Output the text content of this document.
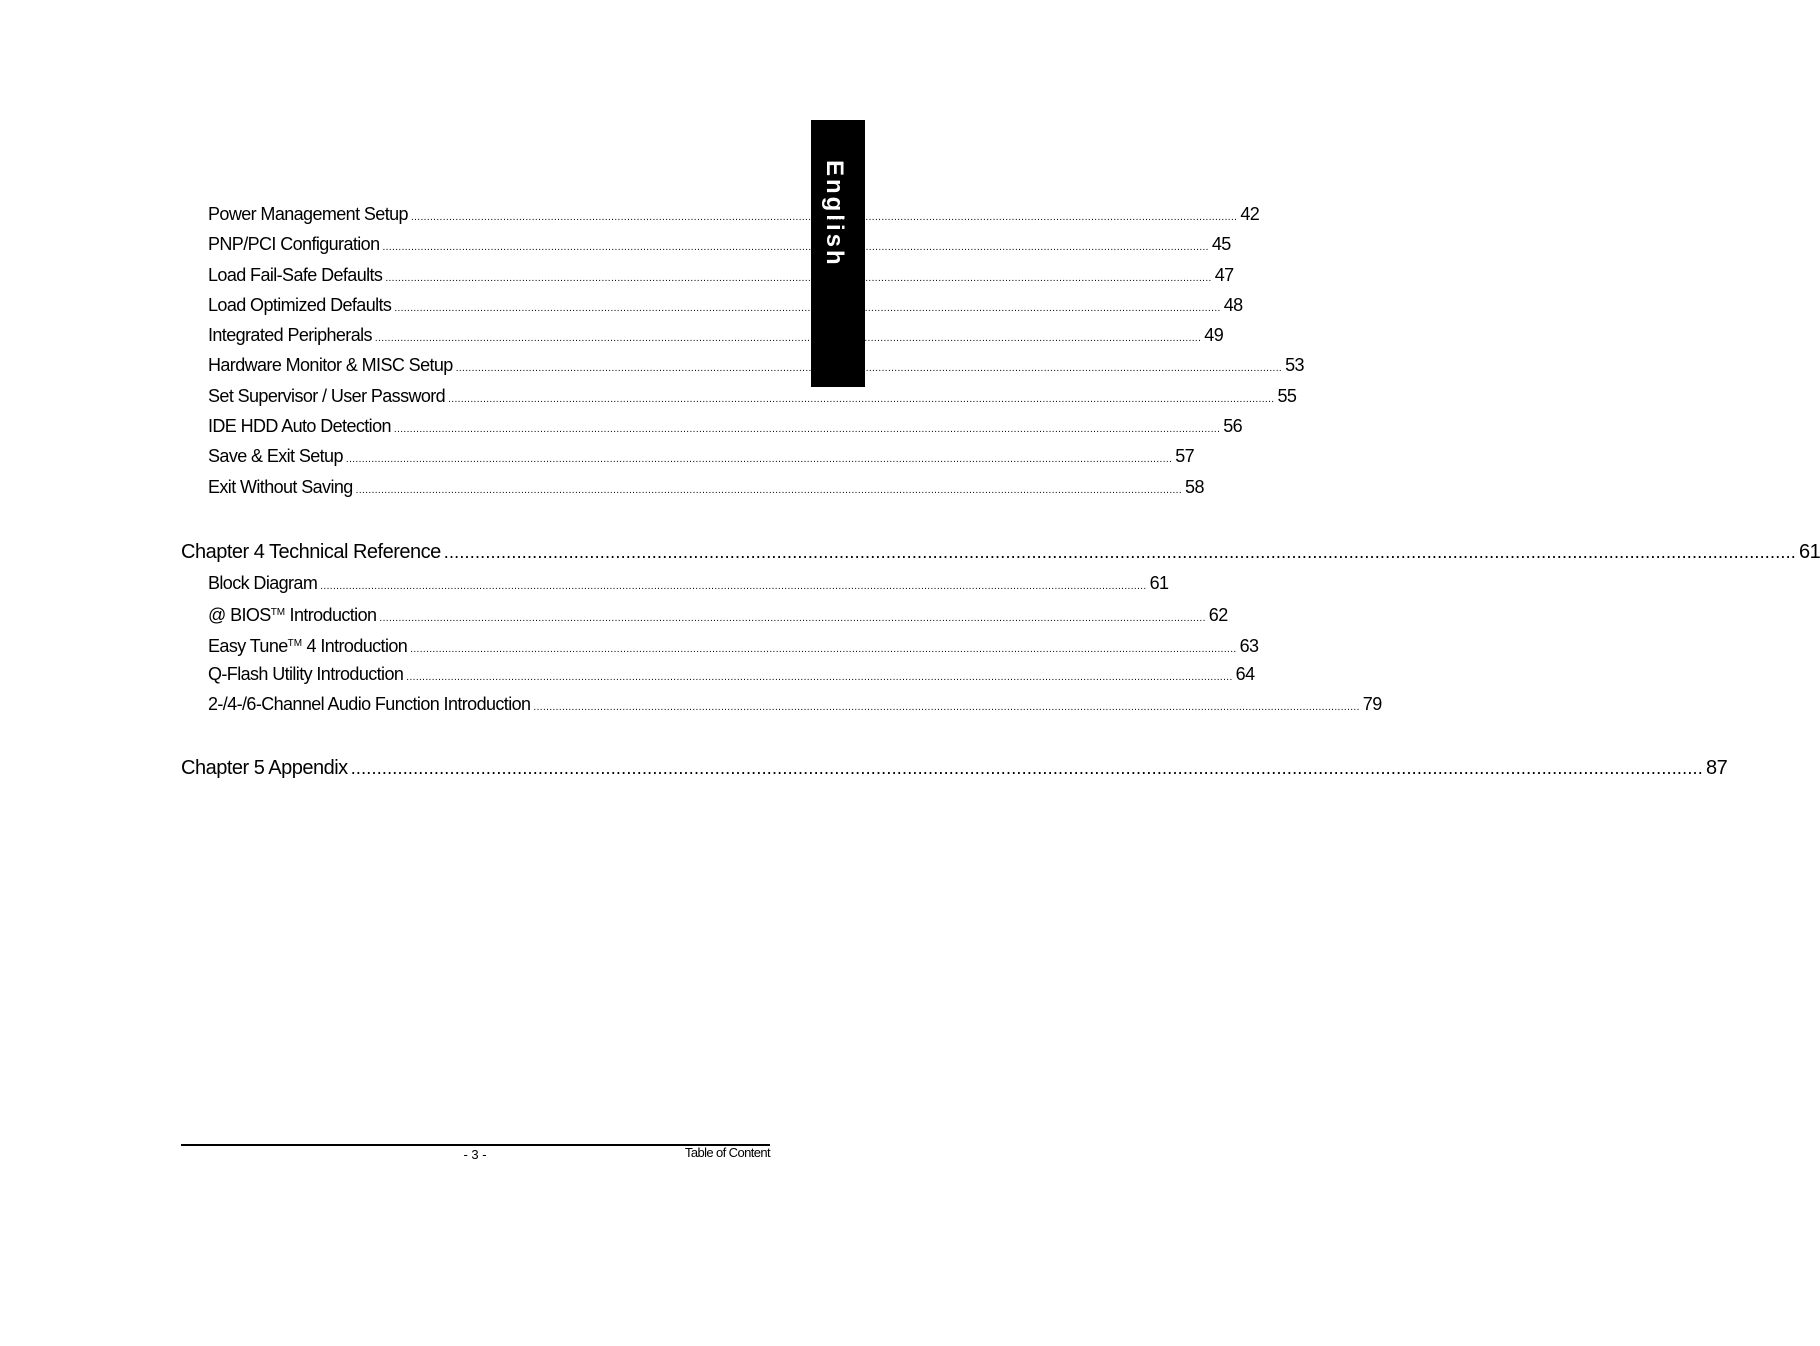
English
Power Management Setup .................................................................................................................................................................................................................................................................... 42
PNP/PCI Configuration .................................................................................................................................................................................................................................................................... 45
Load Fail-Safe Defaults .................................................................................................................................................................................................................................................................... 47
Load Optimized Defaults .................................................................................................................................................................................................................................................................... 48
Integrated Peripherals .................................................................................................................................................................................................................................................................... 49
Hardware Monitor & MISC Setup .................................................................................................................................................................................................................................................................... 53
Set Supervisor / User Password .................................................................................................................................................................................................................................................................... 55
IDE HDD Auto Detection .................................................................................................................................................................................................................................................................... 56
Save & Exit Setup .................................................................................................................................................................................................................................................................... 57
Exit Without Saving .................................................................................................................................................................................................................................................................... 58
Chapter 4 Technical Reference .................................................................................................................................................................................................................................................................... 61
Block Diagram .................................................................................................................................................................................................................................................................... 61
@ BIOS™ Introduction .................................................................................................................................................................................................................................................................... 62
Easy Tune™ 4 Introduction .................................................................................................................................................................................................................................................................... 63
Q-Flash Utility Introduction .................................................................................................................................................................................................................................................................... 64
2-/4-/6-Channel Audio Function Introduction .................................................................................................................................................................................................................................................................... 79
Chapter 5 Appendix .................................................................................................................................................................................................................................................................... 87
- 3 -	Table of Content
